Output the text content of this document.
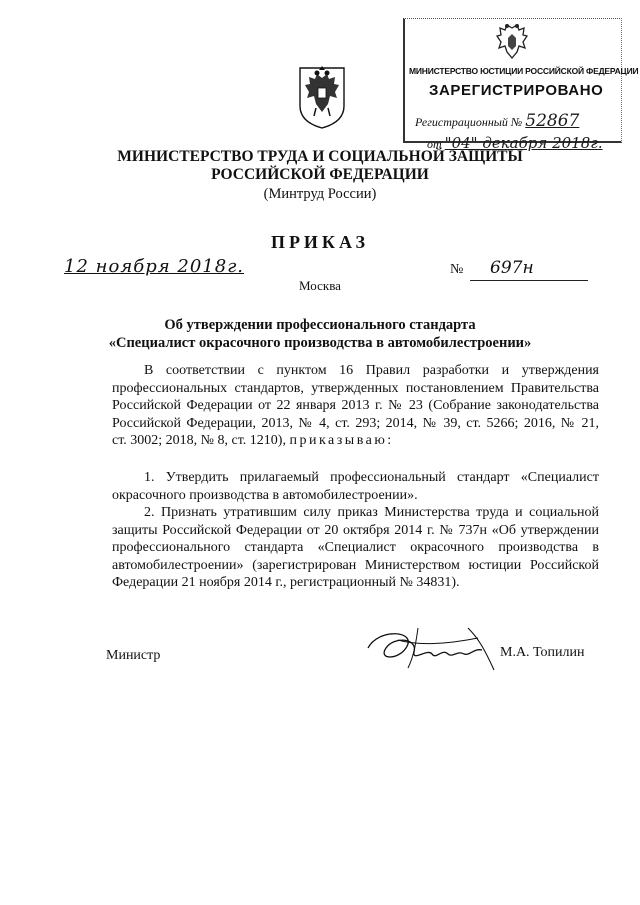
МИНИСТЕРСТВО ЮСТИЦИИ РОССИЙСКОЙ ФЕДЕРАЦИИ
ЗАРЕГИСТРИРОВАНО
Регистрационный № 52867
от "04" декабря 2018г.
МИНИСТЕРСТВО ТРУДА И СОЦИАЛЬНОЙ ЗАЩИТЫ
РОССИЙСКОЙ ФЕДЕРАЦИИ
(Минтруд России)
ПРИКАЗ
12 ноября 2018г.	№ 697н
Москва
Об утверждении профессионального стандарта
«Специалист окрасочного производства в автомобилестроении»
В соответствии с пунктом 16 Правил разработки и утверждения
профессиональных стандартов, утвержденных постановлением Правительства
Российской Федерации от 22 января 2013 г. № 23 (Собрание законодательства
Российской Федерации, 2013, № 4, ст. 293; 2014, № 39, ст. 5266; 2016, № 21,
ст. 3002; 2018, № 8, ст. 1210), приказываю:
1. Утвердить прилагаемый профессиональный стандарт «Специалист
окрасочного производства в автомобилестроении».
2. Признать утратившим силу приказ Министерства труда и социальной
защиты Российской Федерации от 20 октября 2014 г. № 737н «Об утверждении
профессионального стандарта «Специалист окрасочного производства в
автомобилестроении» (зарегистрирован Министерством юстиции Российской
Федерации 21 ноября 2014 г., регистрационный № 34831).
Министр	М.А. Топилин
